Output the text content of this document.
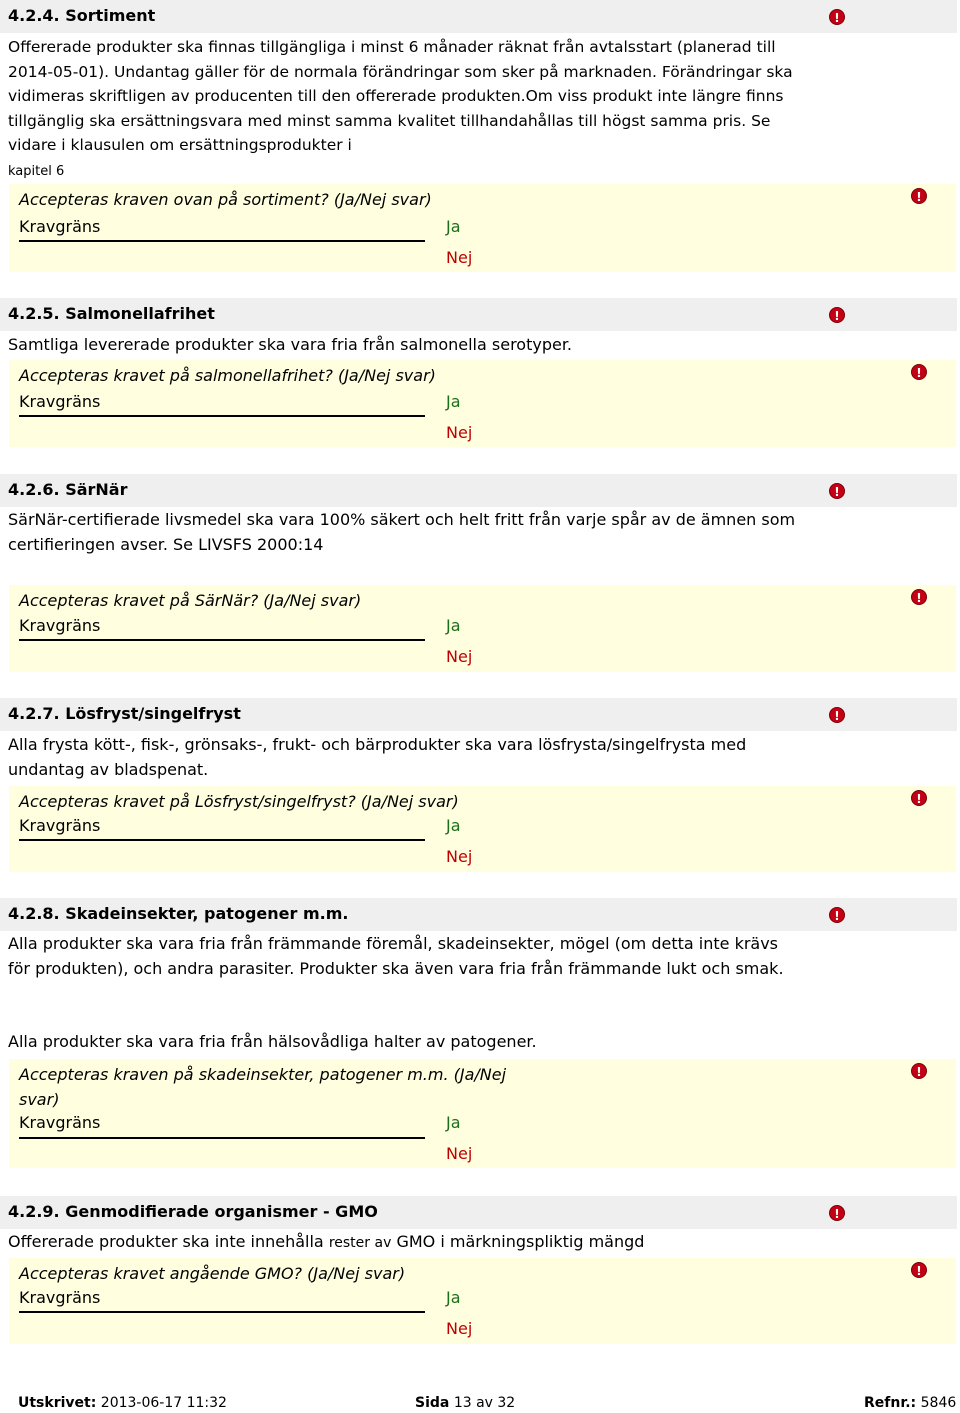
4.2.4. Sortiment	!
Offererade produkter ska finnas tillgängliga i minst 6 månader räknat från avtalsstart (planerad till 2014-05-01). Undantag gäller för de normala förändringar som sker på marknaden. Förändringar ska vidimeras skriftligen av producenten till den offererade produkten.Om viss produkt inte längre finns tillgänglig ska ersättningsvara med minst samma kvalitet tillhandahållas till högst samma pris. Se vidare i klausulen om ersättningsprodukter i
kapitel 6
!
Accepteras kraven ovan på sortiment? (Ja/Nej svar)
Kravgräns	Ja
Nej
4.2.5. Salmonellafrihet	!
Samtliga levererade produkter ska vara fria från salmonella serotyper.
!
Accepteras kravet på salmonellafrihet? (Ja/Nej svar)
Kravgräns	Ja
Nej
4.2.6. SärNär	!
SärNär-certifierade livsmedel ska vara 100% säkert och helt fritt från varje spår av de ämnen som certifieringen avser. Se LIVSFS 2000:14
!
Accepteras kravet på SärNär? (Ja/Nej svar)
Kravgräns	Ja
Nej
4.2.7. Lösfryst/singelfryst	!
Alla frysta kött-, fisk-, grönsaks-, frukt- och bärprodukter ska vara lösfrysta/singelfrysta med undantag av bladspenat.
!
Accepteras kravet på Lösfryst/singelfryst? (Ja/Nej svar)
Kravgräns	Ja
Nej
4.2.8. Skadeinsekter, patogener m.m.	!
Alla produkter ska vara fria från främmande föremål, skadeinsekter, mögel (om detta inte krävs för produkten), och andra parasiter. Produkter ska även vara fria från främmande lukt och smak.
Alla produkter ska vara fria från hälsovådliga halter av patogener.
!
Accepteras kraven på skadeinsekter, patogener m.m. (Ja/Nej svar)
Kravgräns	Ja
Nej
4.2.9. Genmodifierade organismer - GMO	!
Offererade produkter ska inte innehålla rester av GMO i märkningspliktig mängd
!
Accepteras kravet angående GMO? (Ja/Nej svar)
Kravgräns	Ja
Nej
Utskrivet: 2013-06-17 11:32	Sida 13 av 32	Refnr.: 5846
